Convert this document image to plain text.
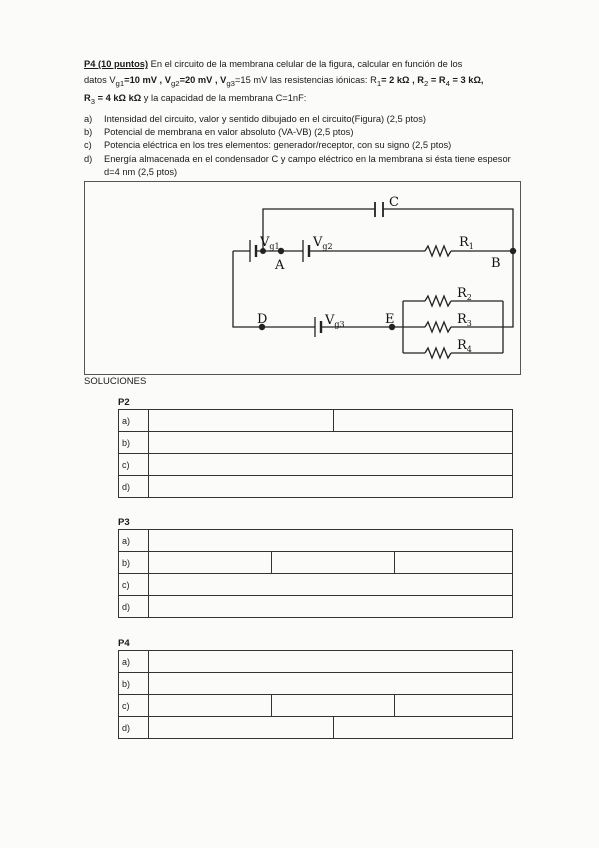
P4 (10 puntos) En el circuito de la membrana celular de la figura, calcular en función de los
datos $V_{g1}=10$ mV , $V_{g2}=20$ mV , $V_{g3}=15$ mV las resistencias iónicas: $R_1= 2$ kΩ , $R_2 = R_4 = 3$ kΩ,
$R_3 = 4$ kΩ kΩ y la capacidad de la membrana C=1nF:
a)	Intensidad del circuito, valor y sentido dibujado en el circuito(Figura) (2,5 ptos)
b)	Potencial de membrana en valor absoluto (VA-VB) (2,5 ptos)
c)	Potencia eléctrica en los tres elementos: generador/receptor, con su signo (2,5 ptos)
d)	Energía almacenada en el condensador C y campo eléctrico en la membrana si ésta tiene espesor d=4 nm (2,5 ptos)
C
$V_{g1}$	$V_{g2}$
A
$R_1$
B
D	$V_{g3}$	E
$R_2$
$R_3$
$R_4$
SOLUCIONES
P2
a)	

b)	
c)	
d)	
P3
a)	
b)	

c)	
d)	
P4
a)	
b)	
c)	

d)	
